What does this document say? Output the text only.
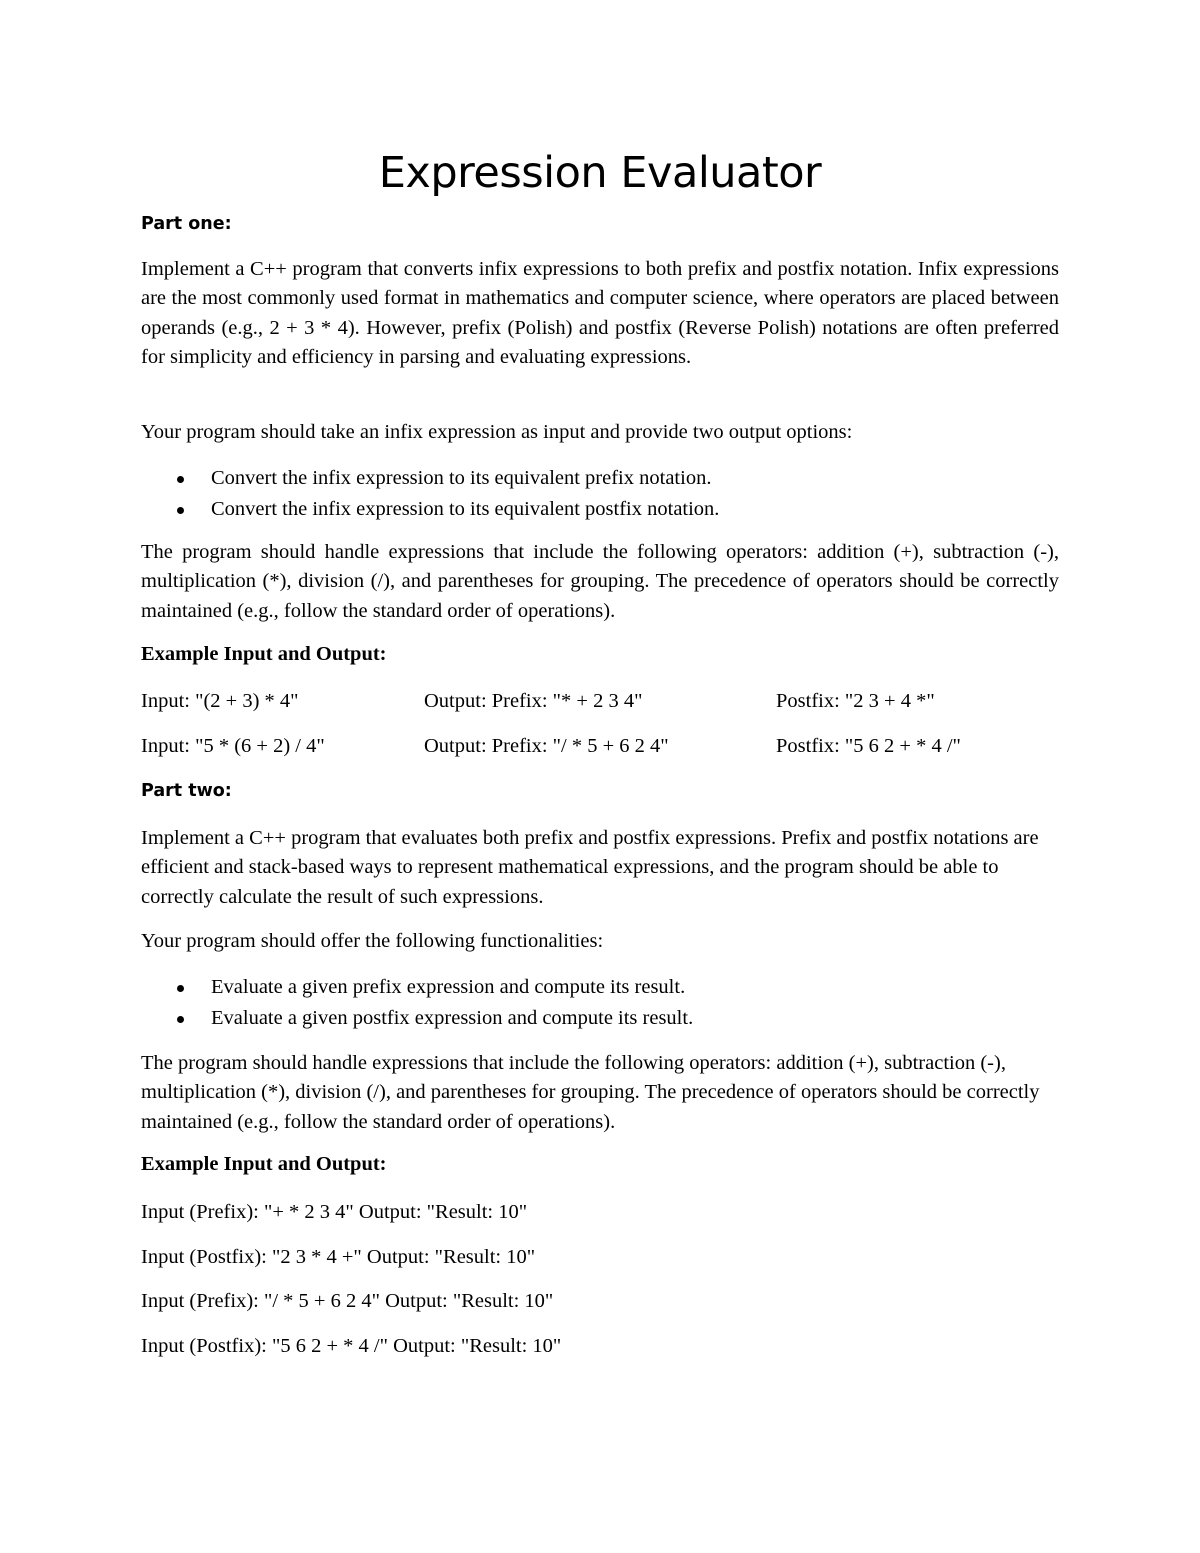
Expression Evaluator

Part one:

Implement a C++ program that converts infix expressions to both prefix and postfix notation. Infix expressions are the most commonly used format in mathematics and computer science, where operators are placed between operands (e.g., 2 + 3 * 4). However, prefix (Polish) and postfix (Reverse Polish) notations are often preferred for simplicity and efficiency in parsing and evaluating expressions.

Your program should take an infix expression as input and provide two output options:

Convert the infix expression to its equivalent prefix notation.
Convert the infix expression to its equivalent postfix notation.

The program should handle expressions that include the following operators: addition (+), subtraction (-), multiplication (*), division (/), and parentheses for grouping. The precedence of operators should be correctly maintained (e.g., follow the standard order of operations).

Example Input and Output:

Input: "(2 + 3) * 4"	Output: Prefix: "* + 2 3 4"	Postfix: "2 3 + 4 *"
Input: "5 * (6 + 2) / 4"	Output: Prefix: "/ * 5 + 6 2 4"	Postfix: "5 6 2 + * 4 /"

Part two:

Implement a C++ program that evaluates both prefix and postfix expressions. Prefix and postfix notations are efficient and stack-based ways to represent mathematical expressions, and the program should be able to correctly calculate the result of such expressions.

Your program should offer the following functionalities:

Evaluate a given prefix expression and compute its result.
Evaluate a given postfix expression and compute its result.

The program should handle expressions that include the following operators: addition (+), subtraction (-), multiplication (*), division (/), and parentheses for grouping. The precedence of operators should be correctly maintained (e.g., follow the standard order of operations).

Example Input and Output:

Input (Prefix): "+ * 2 3 4" Output: "Result: 10"

Input (Postfix): "2 3 * 4 +" Output: "Result: 10"

Input (Prefix): "/ * 5 + 6 2 4" Output: "Result: 10"

Input (Postfix): "5 6 2 + * 4 /" Output: "Result: 10"
